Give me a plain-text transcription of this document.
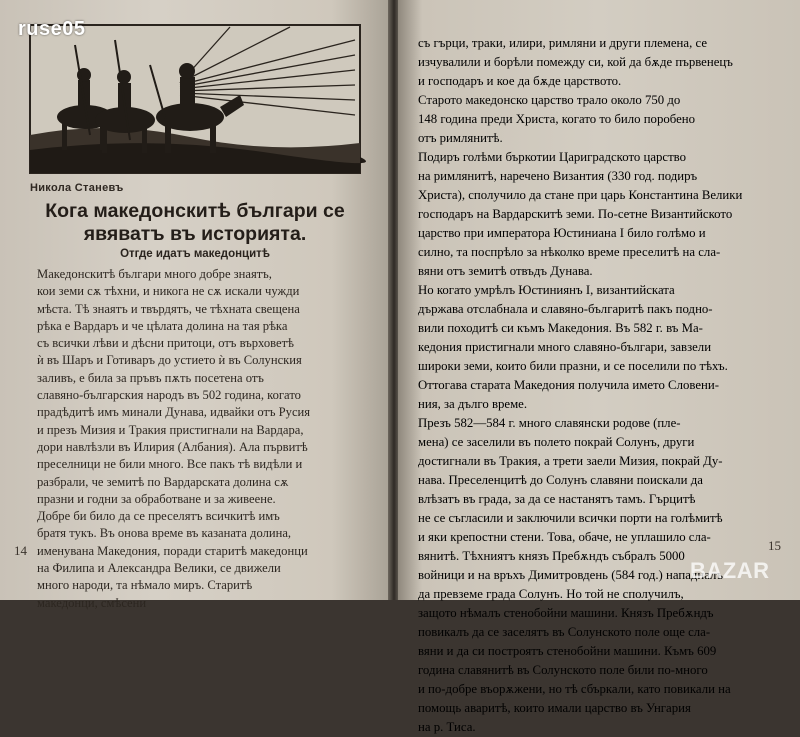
ruse05
Никола Станевъ
Кога македонскитѣ българи се
явяватъ въ историята.
Отгде идатъ македонцитѣ
Македонскитѣ българи много добре знаятъ,
кои земи сѫ тѣхни, и никога не сѫ искали чужди
мѣста. Тѣ знаятъ и твърдятъ, че тѣхната свещена
рѣка е Вардаръ и че цѣлата долина на тая рѣка
съ всички лѣви и дѣсни притоци, отъ върховетѣ
ѝ въ Шаръ и Готиваръ до устието ѝ въ Солунския
заливъ, е била за пръвъ пѫть посетена отъ
славяно-българския народъ въ 502 година, когато
прадѣдитѣ имъ минали Дунава, идвайки отъ Русия
и презъ Мизия и Тракия пристигнали на Вардара,
дори навлѣзли въ Илирия (Албания). Ала първитѣ
преселници не били много. Все пакъ тѣ видѣли и
разбрали, че земитѣ по Вардарската долина сѫ
празни и годни за обработване и за живеене.
Добре би било да се преселятъ всичкитѣ имъ
братя тукъ. Въ онова време въ казаната долина,
именувана Македония, поради старитѣ македонци
на Филипа и Александра Велики, се движели
много народи, та нѣмало миръ. Старитѣ
македонци, смѣсени
14
съ гърци, траки, илири, римляни и други племена, се
изчувалили и борѣли помежду си, кой да бѫде първенецъ
и господаръ и кое да бѫде царството.
Старото македонско царство трало около 750 до
148 година преди Христа, когато то било поробено
отъ римлянитѣ.
Подиръ голѣми бъркотии Цариградското царство
на римлянитѣ, наречено Византия (330 год. подиръ
Христа), сполучило да стане при царь Константина Велики
господаръ на Вардарскитѣ земи. По-сетне Византийското
царство при императора Юстиниана I било голѣмо и
силно, та поспрѣло за нѣколко време преселитѣ на сла-
вяни отъ земитѣ отвъдъ Дунава.
Но когато умрѣлъ Юстиниянъ I, византийската
държава отслабнала и славяно-българитѣ пакъ подно-
вили походитѣ си къмъ Македония. Въ 582 г. въ Ма-
кедония пристигнали много славяно-българи, завзели
широки земи, които били празни, и се поселили по тѣхъ.
Оттогава старата Македония получила името Словени-
ния, за дълго време.
Презъ 582—584 г. много славянски родове (пле-
мена) се заселили въ полето покрай Солунъ, други
достигнали въ Тракия, а трети заели Мизия, покрай Ду-
нава. Преселенцитѣ до Солунъ славяни поискали да
влѣзатъ въ града, за да се настанятъ тамъ. Гърцитѣ
не се съгласили и заключили всички порти на голѣмитѣ
и яки крепостни стени. Това, обаче, не уплашило сла-
вянитѣ. Тѣхниятъ князъ Пребѫндъ събралъ 5000
войници и на връхъ Димитровдень (584 год.) нападналъ
да превземе града Солунъ. Но той не сполучилъ,
защото нѣмалъ стенобойни машини. Князъ Пребѫндъ
повикалъ да се заселятъ въ Солунското поле още сла-
вяни и да си построятъ стенобойни машини. Къмъ 609
година славянитѣ въ Солунското поле били по-много
и по-добре въорѫжени, но тѣ сбъркали, като повикали на
помощь аваритѣ, които имали царство въ Унгария
на р. Тиса.
15
BAZAR
